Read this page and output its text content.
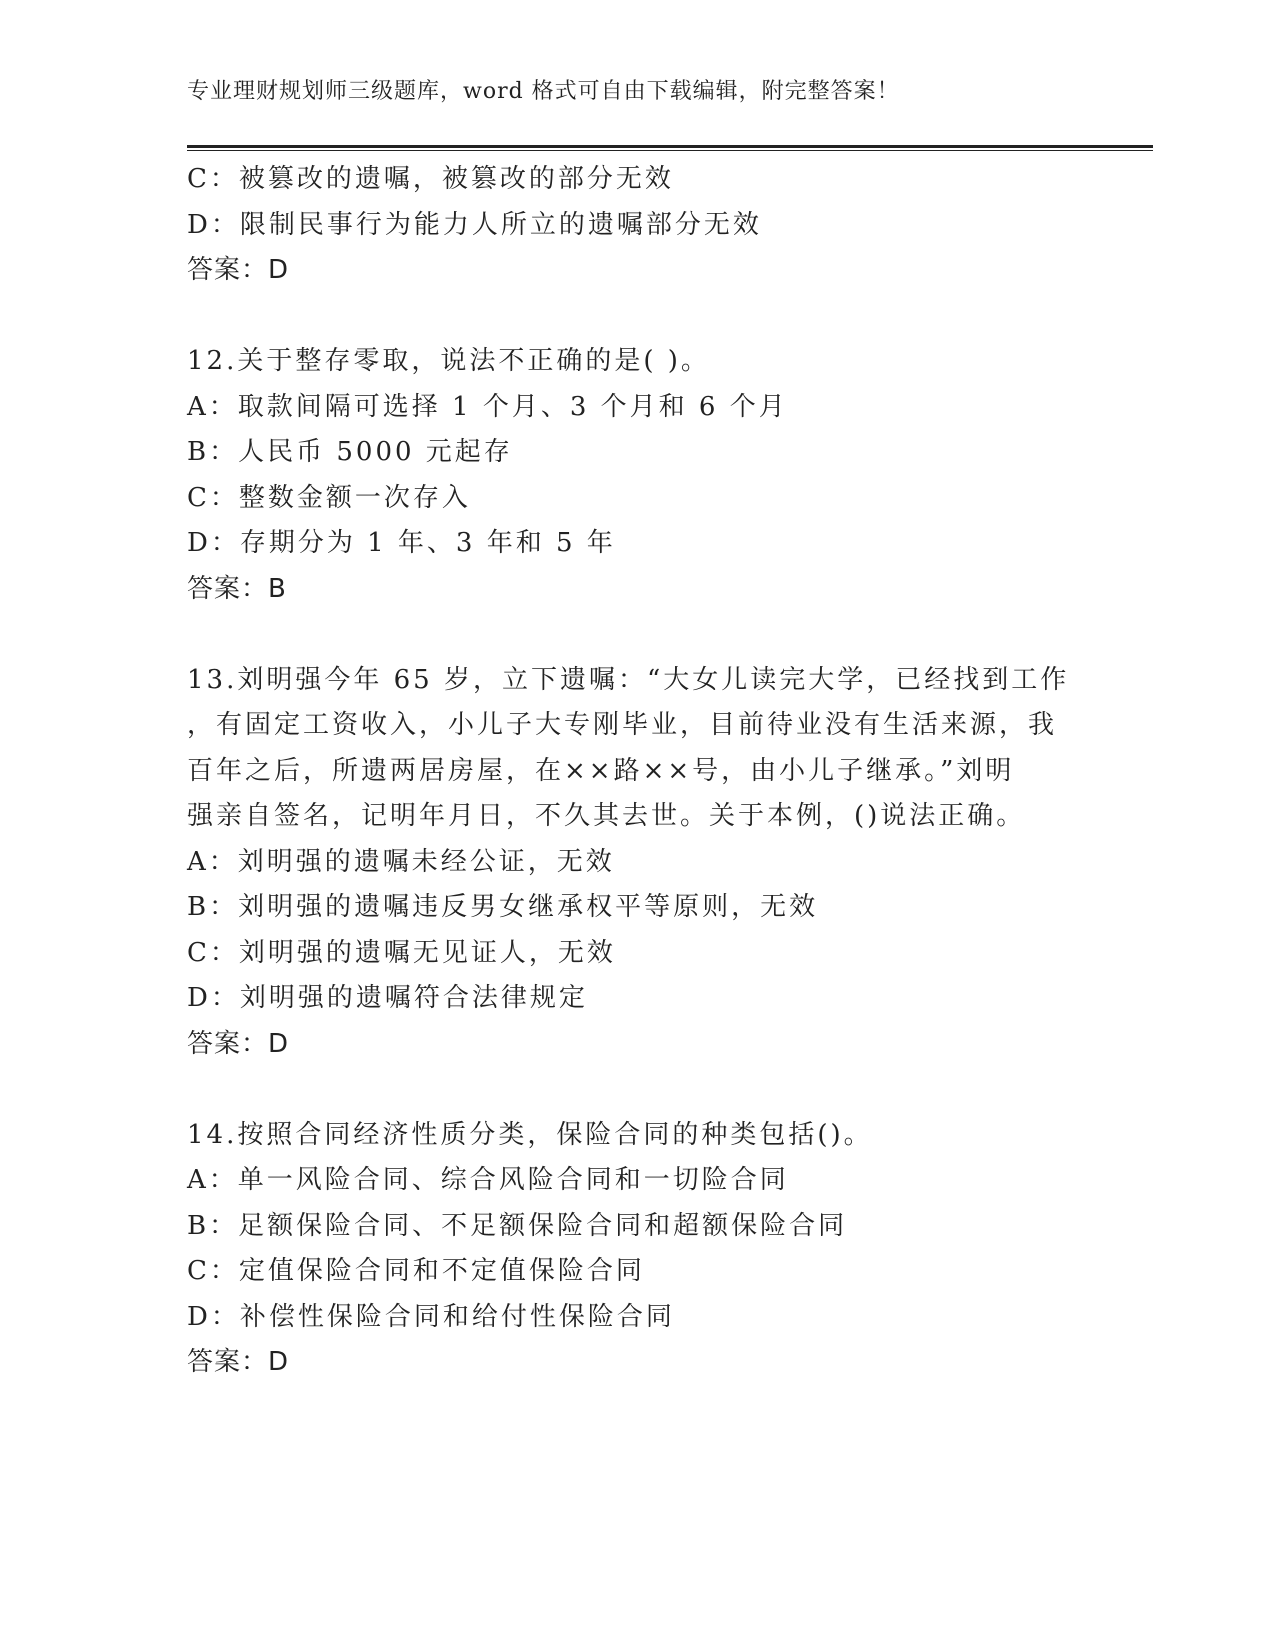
专业理财规划师三级题库，word 格式可自由下载编辑，附完整答案！
C：被篡改的遗嘱，被篡改的部分无效
D：限制民事行为能力人所立的遗嘱部分无效
答案：D
12.关于整存零取，说法不正确的是( )。
A：取款间隔可选择 1 个月、3 个月和 6 个月
B：人民币 5000 元起存
C：整数金额一次存入
D：存期分为 1 年、3 年和 5 年
答案：B
13.刘明强今年 65 岁，立下遗嘱：“大女儿读完大学，已经找到工作
，有固定工资收入，小儿子大专刚毕业，目前待业没有生活来源，我
百年之后，所遗两居房屋，在××路××号，由小儿子继承。”刘明
强亲自签名，记明年月日，不久其去世。关于本例，()说法正确。
A：刘明强的遗嘱未经公证，无效
B：刘明强的遗嘱违反男女继承权平等原则，无效
C：刘明强的遗嘱无见证人，无效
D：刘明强的遗嘱符合法律规定
答案：D
14.按照合同经济性质分类，保险合同的种类包括()。
A：单一风险合同、综合风险合同和一切险合同
B：足额保险合同、不足额保险合同和超额保险合同
C：定值保险合同和不定值保险合同
D：补偿性保险合同和给付性保险合同
答案：D
